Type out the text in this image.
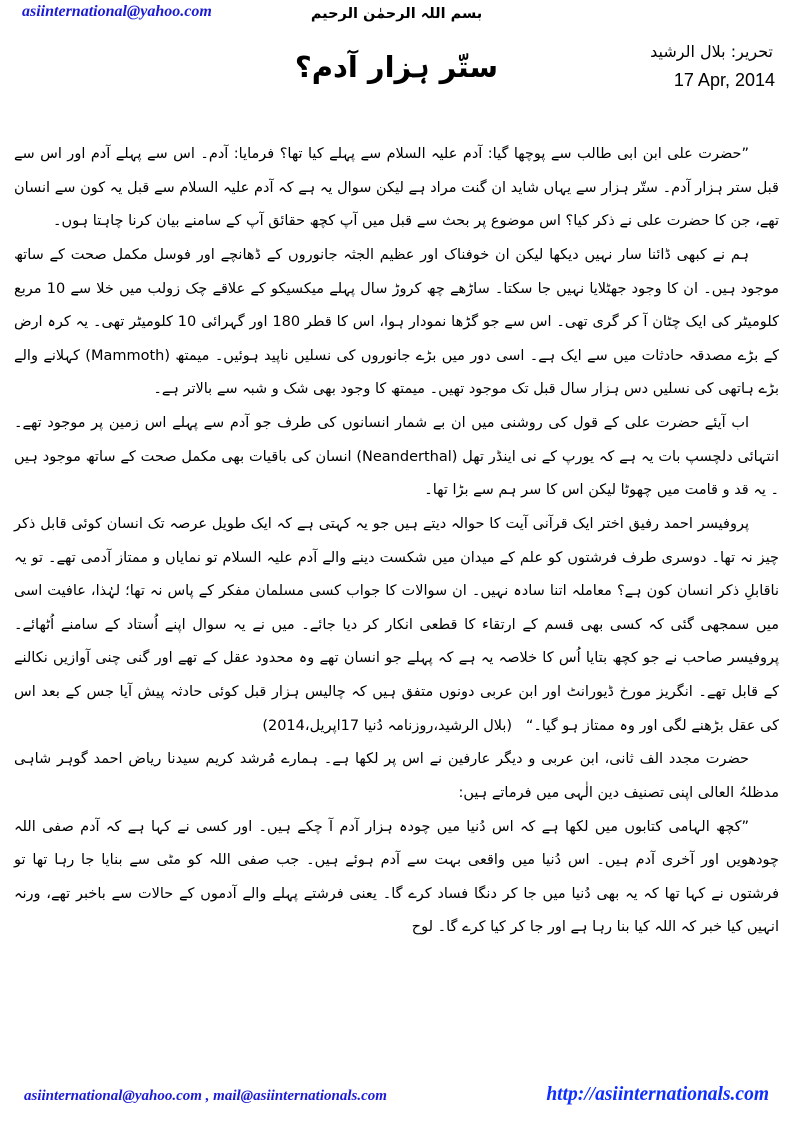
asiinternational@yahoo.com	بسم اللہ الرحمٰن الرحیم
تحریر: بلال الرشید
17 Apr, 2014
ستّر ہزار آدم؟

”حضرت علی ابن ابی طالب سے پوچھا گیا: آدم علیہ السلام سے پہلے کیا تھا؟ فرمایا: آدم۔ اس سے پہلے آدم اور اس سے قبل ستر ہزار آدم۔ ستّر ہزار سے یہاں شاید ان گنت مراد ہے لیکن سوال یہ ہے کہ آدم علیہ السلام سے قبل یہ کون سے انسان تھے، جن کا حضرت علی نے ذکر کیا؟ اس موضوع پر بحث سے قبل میں آپ کچھ حقائق آپ کے سامنے بیان کرنا چاہتا ہوں۔

ہم نے کبھی ڈائنا سار نہیں دیکھا لیکن ان خوفناک اور عظیم الجثہ جانوروں کے ڈھانچے اور فوسل مکمل صحت کے ساتھ موجود ہیں۔ ان کا وجود جھٹلایا نہیں جا سکتا۔ ساڑھے چھ کروڑ سال پہلے میکسیکو کے علاقے چک زولب میں خلا سے 10 مربع کلومیٹر کی ایک چٹان آ کر گری تھی۔ اس سے جو گڑھا نمودار ہوا، اس کا قطر 180 اور گہرائی 10 کلومیٹر تھی۔ یہ کرہ ارض کے بڑے مصدقہ حادثات میں سے ایک ہے۔ اسی دور میں بڑے جانوروں کی نسلیں ناپید ہوئیں۔ میمتھ (Mammoth) کہلانے والے بڑے ہاتھی کی نسلیں دس ہزار سال قبل تک موجود تھیں۔ میمتھ کا وجود بھی شک و شبہ سے بالاتر ہے۔

اب آیئے حضرت علی کے قول کی روشنی میں ان بے شمار انسانوں کی طرف جو آدم سے پہلے اس زمین پر موجود تھے۔ انتہائی دلچسپ بات یہ ہے کہ یورپ کے نی اینڈر تھل (Neanderthal) انسان کی باقیات بھی مکمل صحت کے ساتھ موجود ہیں ۔ یہ قد و قامت میں چھوٹا لیکن اس کا سر ہم سے بڑا تھا۔

پروفیسر احمد رفیق اختر ایک قرآنی آیت کا حوالہ دیتے ہیں جو یہ کہتی ہے کہ ایک طویل عرصہ تک انسان کوئی قابل ذکر چیز نہ تھا۔ دوسری طرف فرشتوں کو علم کے میدان میں شکست دینے والے آدم علیہ السلام تو نمایاں و ممتاز آدمی تھے۔ تو یہ ناقابلِ ذکر انسان کون ہے؟ معاملہ اتنا سادہ نہیں۔ ان سوالات کا جواب کسی مسلمان مفکر کے پاس نہ تھا؛ لہٰذا، عافیت اسی میں سمجھی گئی کہ کسی بھی قسم کے ارتقاء کا قطعی انکار کر دیا جائے۔ میں نے یہ سوال اپنے اُستاد کے سامنے اُٹھائے۔ پروفیسر صاحب نے جو کچھ بتایا اُس کا خلاصہ یہ ہے کہ پہلے جو انسان تھے وہ محدود عقل کے تھے اور گنی چنی آوازیں نکالنے کے قابل تھے۔ انگریز مورخ ڈیورانٹ اور ابن عربی دونوں متفق ہیں کہ چالیس ہزار قبل کوئی حادثہ پیش آیا جس کے بعد اس کی عقل بڑھنے لگی اور وہ ممتاز ہو گیا۔“   (بلال الرشید،روزنامہ دُنیا 17اپریل،2014)

حضرت مجدد الف ثانی، ابن عربی و دیگر عارفین نے اس پر لکھا ہے۔ ہمارے مُرشد کریم سیدنا ریاض احمد گوہر شاہی مدظلہُ العالی اپنی تصنیف دین الٰہی میں فرماتے ہیں:

”کچھ الہامی کتابوں میں لکھا ہے کہ اس دُنیا میں چودہ ہزار آدم آ چکے ہیں۔ اور کسی نے کہا ہے کہ آدم صفی اللہ چودھویں اور آخری آدم ہیں۔ اس دُنیا میں واقعی بہت سے آدم ہوئے ہیں۔ جب صفی اللہ کو مٹی سے بنایا جا رہا تھا تو فرشتوں نے کہا تھا کہ یہ بھی دُنیا میں جا کر دنگا فساد کرے گا۔ یعنی فرشتے پہلے والے آدموں کے حالات سے باخبر تھے، ورنہ انہیں کیا خبر کہ اللہ کیا بنا رہا ہے اور جا کر کیا کرے گا۔ لوح

asiinternational@yahoo.com , mail@asiinternationals.com	http://asiinternationals.com
